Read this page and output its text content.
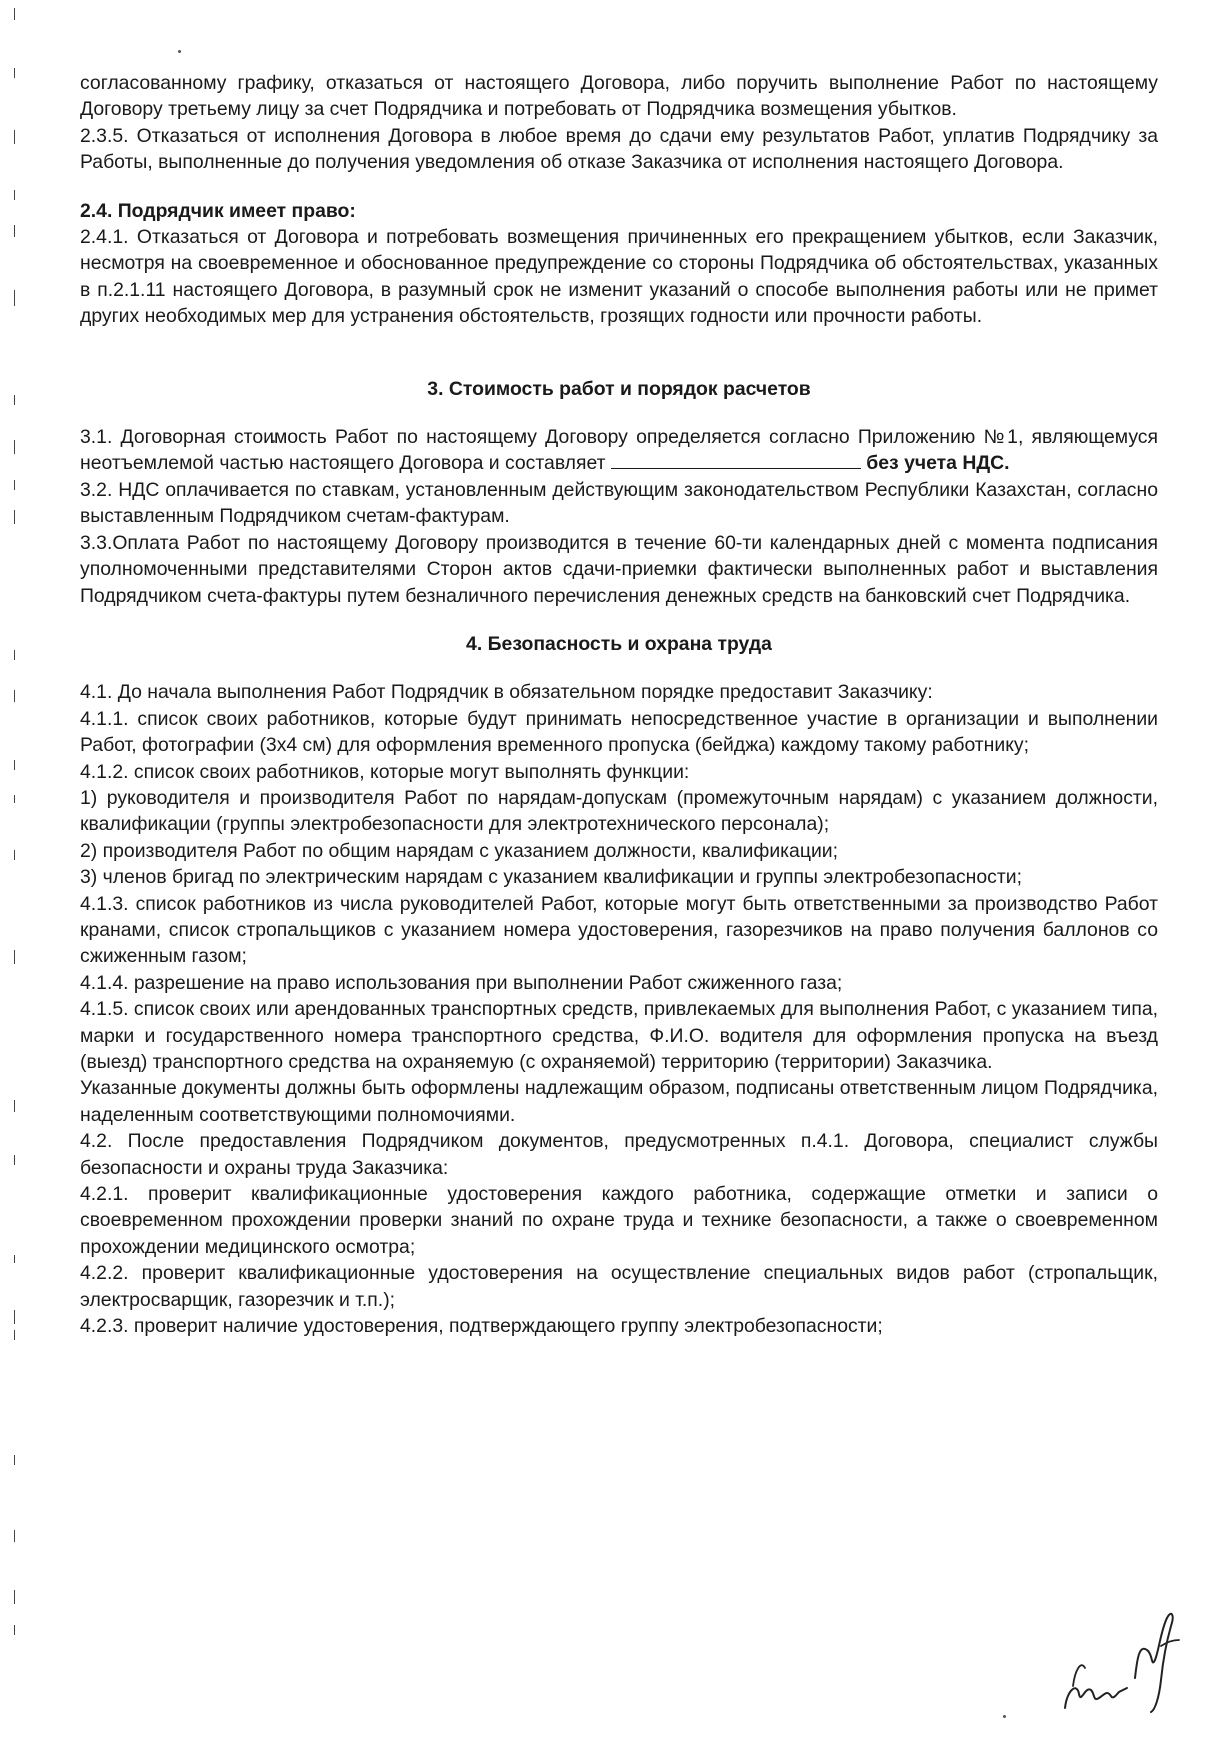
согласованному графику, отказаться от настоящего Договора, либо поручить выполнение Работ по настоящему Договору третьему лицу за счет Подрядчика и потребовать от Подрядчика возмещения убытков.

2.3.5. Отказаться от исполнения Договора в любое время до сдачи ему результатов Работ, уплатив Подрядчику за Работы, выполненные до получения уведомления об отказе Заказчика от исполнения настоящего Договора.

2.4. Подрядчик имеет право:

2.4.1. Отказаться от Договора и потребовать возмещения причиненных его прекращением убытков, если Заказчик, несмотря на своевременное и обоснованное предупреждение со стороны Подрядчика об обстоятельствах, указанных в п.2.1.11 настоящего Договора, в разумный срок не изменит указаний о способе выполнения работы или не примет других необходимых мер для устранения обстоятельств, грозящих годности или прочности работы.

3. Стоимость работ и порядок расчетов

3.1. Договорная стоимость Работ по настоящему Договору определяется согласно Приложению №1, являющемуся неотъемлемой частью настоящего Договора и составляет	без учета НДС.

3.2. НДС оплачивается по ставкам, установленным действующим законодательством Республики Казахстан, согласно выставленным Подрядчиком счетам-фактурам.

3.3.Оплата Работ по настоящему Договору производится в течение 60-ти календарных дней с момента подписания уполномоченными представителями Сторон актов сдачи-приемки фактически выполненных работ и выставления Подрядчиком счета-фактуры путем безналичного перечисления денежных средств на банковский счет Подрядчика.

4. Безопасность и охрана труда

4.1. До начала выполнения Работ Подрядчик в обязательном порядке предоставит Заказчику:

4.1.1. список своих работников, которые будут принимать непосредственное участие в организации и выполнении Работ, фотографии (3х4 см) для оформления временного пропуска (бейджа) каждому такому работнику;

4.1.2. список своих работников, которые могут выполнять функции:

1) руководителя и производителя Работ по нарядам-допускам (промежуточным нарядам) с указанием должности, квалификации (группы электробезопасности для электротехнического персонала);

2) производителя Работ по общим нарядам с указанием должности, квалификации;

3) членов бригад по электрическим нарядам с указанием квалификации и группы электробезопасности;

4.1.3. список работников из числа руководителей Работ, которые могут быть ответственными за производство Работ кранами, список стропальщиков с указанием номера удостоверения, газорезчиков на право получения баллонов со сжиженным газом;

4.1.4. разрешение на право использования при выполнении Работ сжиженного газа;

4.1.5. список своих или арендованных транспортных средств, привлекаемых для выполнения Работ, с указанием типа, марки и государственного номера транспортного средства, Ф.И.О. водителя для оформления пропуска на въезд (выезд) транспортного средства на охраняемую (с охраняемой) территорию (территории) Заказчика.

Указанные документы должны быть оформлены надлежащим образом, подписаны ответственным лицом Подрядчика, наделенным соответствующими полномочиями.

4.2. После предоставления Подрядчиком документов, предусмотренных п.4.1. Договора, специалист службы безопасности и охраны труда Заказчика:

4.2.1. проверит квалификационные удостоверения каждого работника, содержащие отметки и записи о своевременном прохождении проверки знаний по охране труда и технике безопасности, а также о своевременном прохождении медицинского осмотра;

4.2.2. проверит квалификационные удостоверения на осуществление специальных видов работ (стропальщик, электросварщик, газорезчик и т.п.);

4.2.3. проверит наличие удостоверения, подтверждающего группу электробезопасности;
